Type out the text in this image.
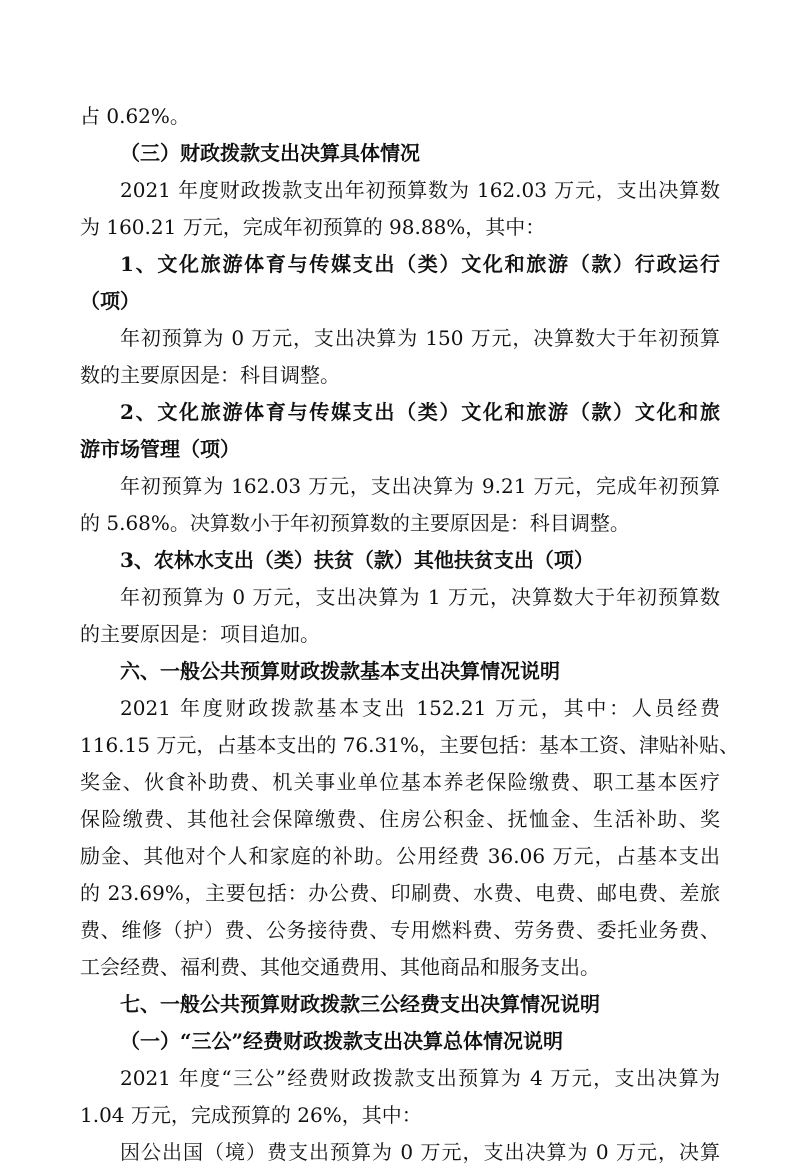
占 0.62%。
（三）财政拨款支出决算具体情况
2021 年度财政拨款支出年初预算数为 162.03 万元，支出决算数
为 160.21 万元，完成年初预算的 98.88%，其中：
1、文化旅游体育与传媒支出（类）文化和旅游（款）行政运行
（项）
年初预算为 0 万元，支出决算为 150 万元，决算数大于年初预算
数的主要原因是：科目调整。
2、文化旅游体育与传媒支出（类）文化和旅游（款）文化和旅
游市场管理（项）
年初预算为 162.03 万元，支出决算为 9.21 万元，完成年初预算
的 5.68%。决算数小于年初预算数的主要原因是：科目调整。
3、农林水支出（类）扶贫（款）其他扶贫支出（项）
年初预算为 0 万元，支出决算为 1 万元，决算数大于年初预算数
的主要原因是：项目追加。
六、一般公共预算财政拨款基本支出决算情况说明
2021 年度财政拨款基本支出 152.21 万元，其中：人员经费
116.15 万元，占基本支出的 76.31%，主要包括：基本工资、津贴补贴、
奖金、伙食补助费、机关事业单位基本养老保险缴费、职工基本医疗
保险缴费、其他社会保障缴费、住房公积金、抚恤金、生活补助、奖
励金、其他对个人和家庭的补助。公用经费 36.06 万元，占基本支出
的 23.69%，主要包括：办公费、印刷费、水费、电费、邮电费、差旅
费、维修（护）费、公务接待费、专用燃料费、劳务费、委托业务费、
工会经费、福利费、其他交通费用、其他商品和服务支出。
七、一般公共预算财政拨款三公经费支出决算情况说明
（一）“三公”经费财政拨款支出决算总体情况说明
2021 年度“三公”经费财政拨款支出预算为 4 万元，支出决算为
1.04 万元，完成预算的 26%，其中：
因公出国（境）费支出预算为 0 万元，支出决算为 0 万元，决算
